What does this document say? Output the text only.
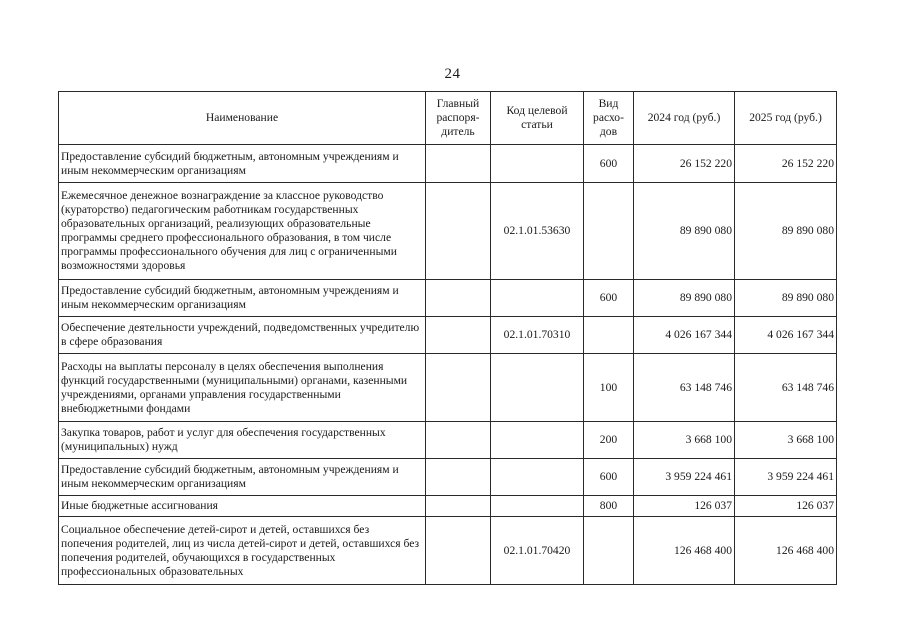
24
Наименование	Главный распоря-дитель	Код целевой статьи	Вид расхо-дов	2024 год (руб.)	2025 год (руб.)
Предоставление субсидий бюджетным, автономным учреждениям и иным некоммерческим организациям			600	26 152 220	26 152 220
Ежемесячное денежное вознаграждение за классное руководство (кураторство) педагогическим работникам государственных образовательных организаций, реализующих образовательные программы среднего профессионального образования, в том числе программы профессионального обучения для лиц с ограниченными возможностями здоровья		02.1.01.53630		89 890 080	89 890 080
Предоставление субсидий бюджетным, автономным учреждениям и иным некоммерческим организациям			600	89 890 080	89 890 080
Обеспечение деятельности учреждений, подведомственных учредителю в сфере образования		02.1.01.70310		4 026 167 344	4 026 167 344
Расходы на выплаты персоналу в целях обеспечения выполнения функций государственными (муниципальными) органами, казенными учреждениями, органами управления государственными внебюджетными фондами			100	63 148 746	63 148 746
Закупка товаров, работ и услуг для обеспечения государственных (муниципальных) нужд			200	3 668 100	3 668 100
Предоставление субсидий бюджетным, автономным учреждениям и иным некоммерческим организациям			600	3 959 224 461	3 959 224 461
Иные бюджетные ассигнования			800	126 037	126 037
Социальное обеспечение детей-сирот и детей, оставшихся без попечения родителей, лиц из числа детей-сирот и детей, оставшихся без попечения родителей, обучающихся в государственных профессиональных образовательных		02.1.01.70420		126 468 400	126 468 400
